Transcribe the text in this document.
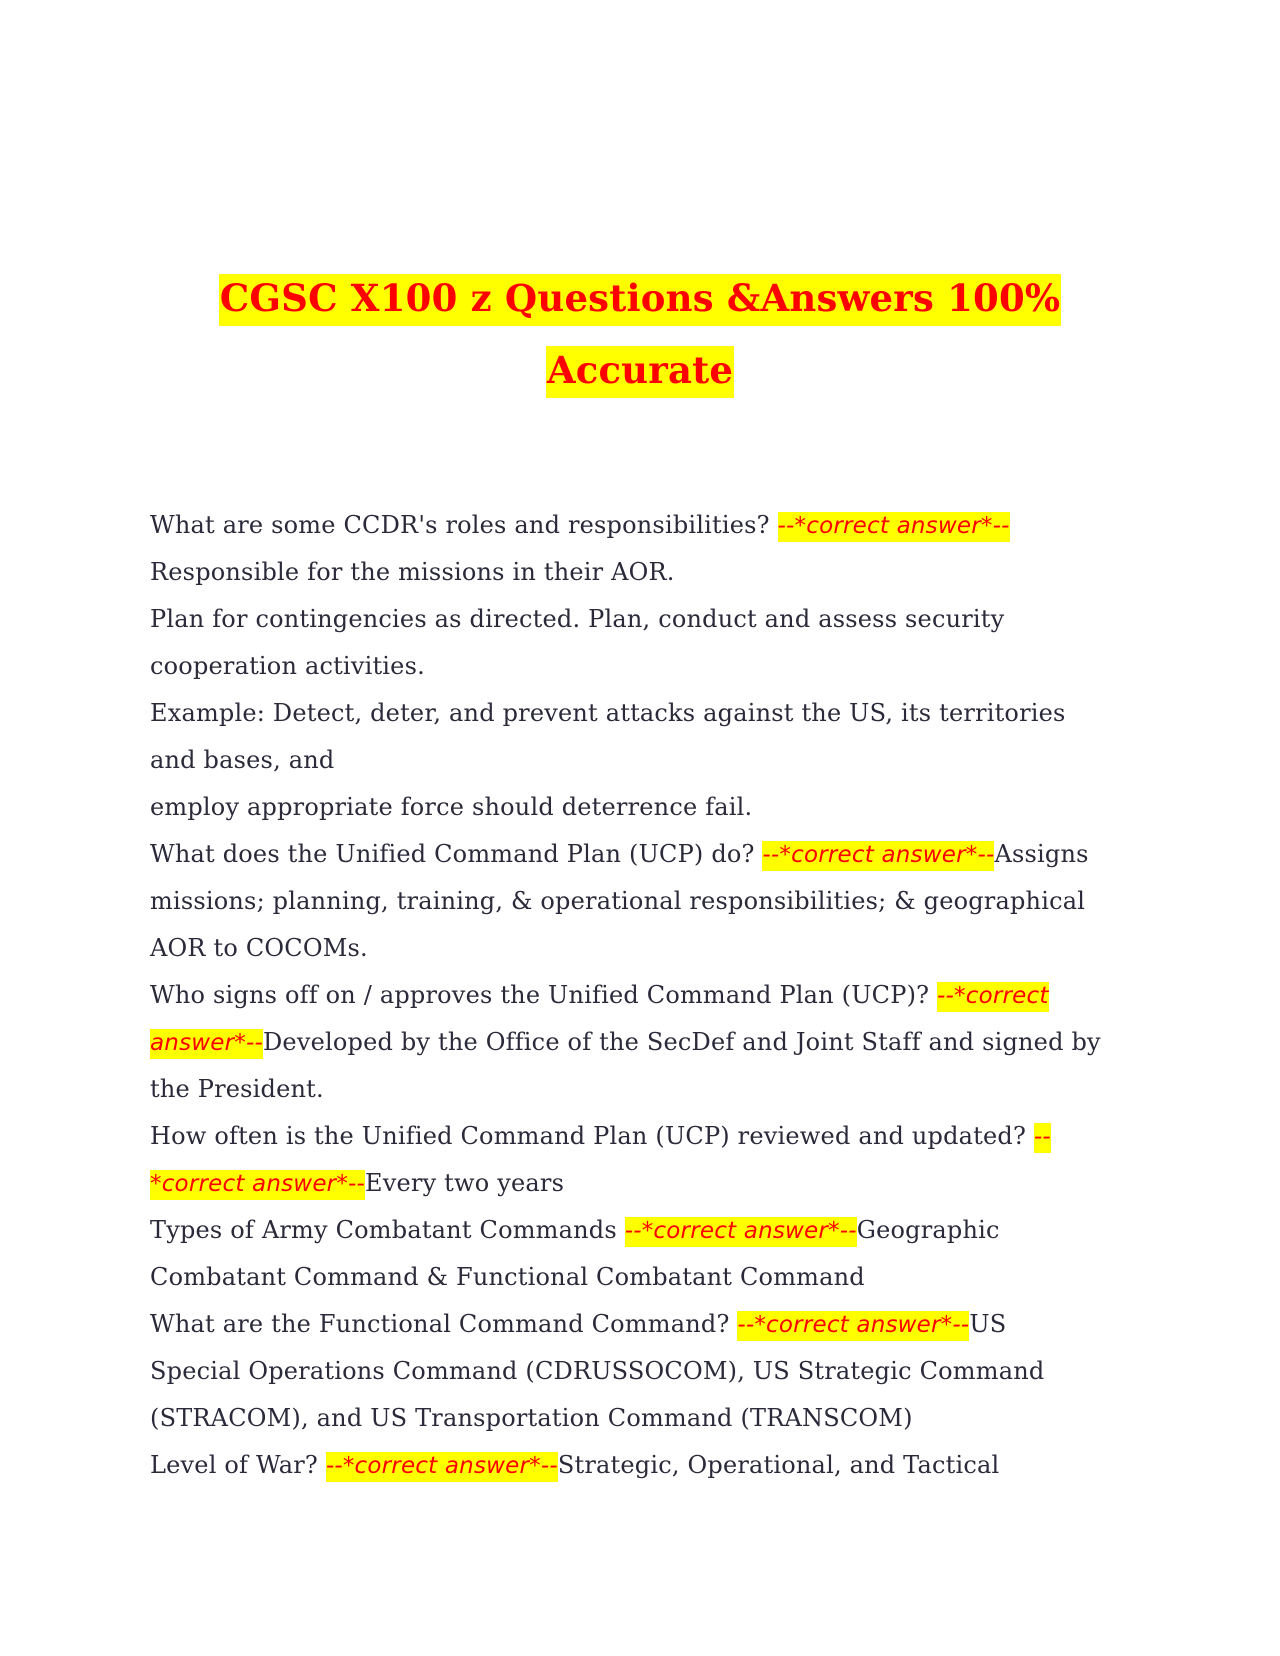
CGSC X100 z Questions &Answers 100%
Accurate
What are some CCDR's roles and responsibilities? --*correct answer*--
Responsible for the missions in their AOR.
Plan for contingencies as directed. Plan, conduct and assess security
cooperation activities.
Example: Detect, deter, and prevent attacks against the US, its territories
and bases, and
employ appropriate force should deterrence fail.
What does the Unified Command Plan (UCP) do? --*correct answer*--Assigns
missions; planning, training, & operational responsibilities; & geographical
AOR to COCOMs.
Who signs off on / approves the Unified Command Plan (UCP)? --*correct
answer*--Developed by the Office of the SecDef and Joint Staff and signed by
the President.
How often is the Unified Command Plan (UCP) reviewed and updated? --
*correct answer*--Every two years
Types of Army Combatant Commands --*correct answer*--Geographic
Combatant Command & Functional Combatant Command
What are the Functional Command Command? --*correct answer*--US
Special Operations Command (CDRUSSOCOM), US Strategic Command
(STRACOM), and US Transportation Command (TRANSCOM)
Level of War? --*correct answer*--Strategic, Operational, and Tactical
